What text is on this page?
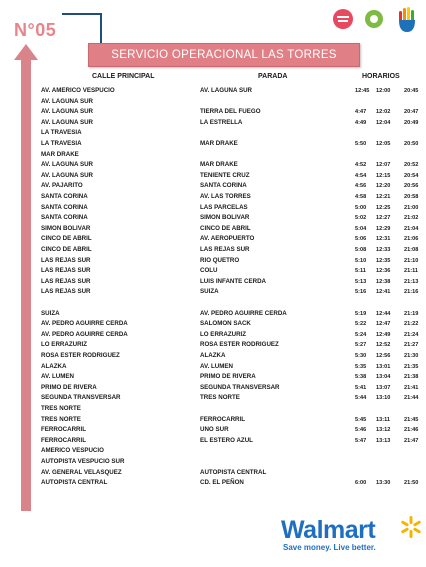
N°05
SERVICIO OPERACIONAL LAS TORRES
CALLE PRINCIPAL	PARADA	HORARIOS
AV. AMERICO VESPUCIO	AV. LAGUNA SUR	12:45 12:00 20:45
AV. LAGUNA SUR
AV. LAGUNA SUR	TIERRA DEL FUEGO	4:47 12:02 20:47
AV. LAGUNA SUR	LA ESTRELLA	4:49 12:04 20:49
LA TRAVESIA
LA TRAVESIA	MAR DRAKE	5:50 12:05 20:50
MAR DRAKE
AV. LAGUNA SUR	MAR DRAKE	4:52 12:07 20:52
AV. LAGUNA SUR	TENIENTE CRUZ	4:54 12:15 20:54
AV. PAJARITO	SANTA CORINA	4:56 12:20 20:56
SANTA CORINA	AV. LAS TORRES	4:58 12:21 20:58
SANTA CORINA	LAS PARCELAS	5:00 12:25 21:00
SANTA CORINA	SIMON BOLIVAR	5:02 12:27 21:02
SIMON BOLIVAR	CINCO DE ABRIL	5:04 12:29 21:04
CINCO DE ABRIL	AV. AEROPUERTO	5:06 12:31 21:06
CINCO DE ABRIL	LAS REJAS SUR	5:08 12:33 21:08
LAS REJAS SUR	RIO QUETRO	5:10 12:35 21:10
LAS REJAS SUR	COLU	5:11 12:36 21:11
LAS REJAS SUR	LUIS INFANTE CERDA	5:13 12:38 21:13
LAS REJAS SUR	SUIZA	5:16 12:41 21:16
SUIZA	AV. PEDRO AGUIRRE CERDA	5:19 12:44 21:19
AV. PEDRO AGUIRRE CERDA	SALOMON SACK	5:22 12:47 21:22
AV. PEDRO AGUIRRE CERDA	LO ERRAZURIZ	5:24 12:49 21:24
LO ERRAZURIZ	ROSA ESTER RODRIGUEZ	5:27 12:52 21:27
ROSA ESTER RODRIGUEZ	ALAZKA	5:30 12:56 21:30
ALAZKA	AV. LUMEN	5:35 13:01 21:35
AV. LUMEN	PRIMO DE RIVERA	5:38 13:04 21:38
PRIMO DE RIVERA	SEGUNDA TRANSVERSAR	5:41 13:07 21:41
SEGUNDA TRANSVERSAR	TRES NORTE	5:44 13:10 21:44
TRES NORTE
TRES NORTE	FERROCARRIL	5:45 13:11	21:45
FERROCARRIL	UNO SUR	5:46 13:12 21:46
FERROCARRIL	EL ESTERO AZUL	5:47 13:13 21:47
AMERICO VESPUCIO
AUTOPISTA VESPUCIO SUR
AV. GENERAL VELASQUEZ	AUTOPISTA CENTRAL
AUTOPISTA CENTRAL	CD. EL PEÑON	6:00 13:30 21:50
Walmart
Save money. Live better.
